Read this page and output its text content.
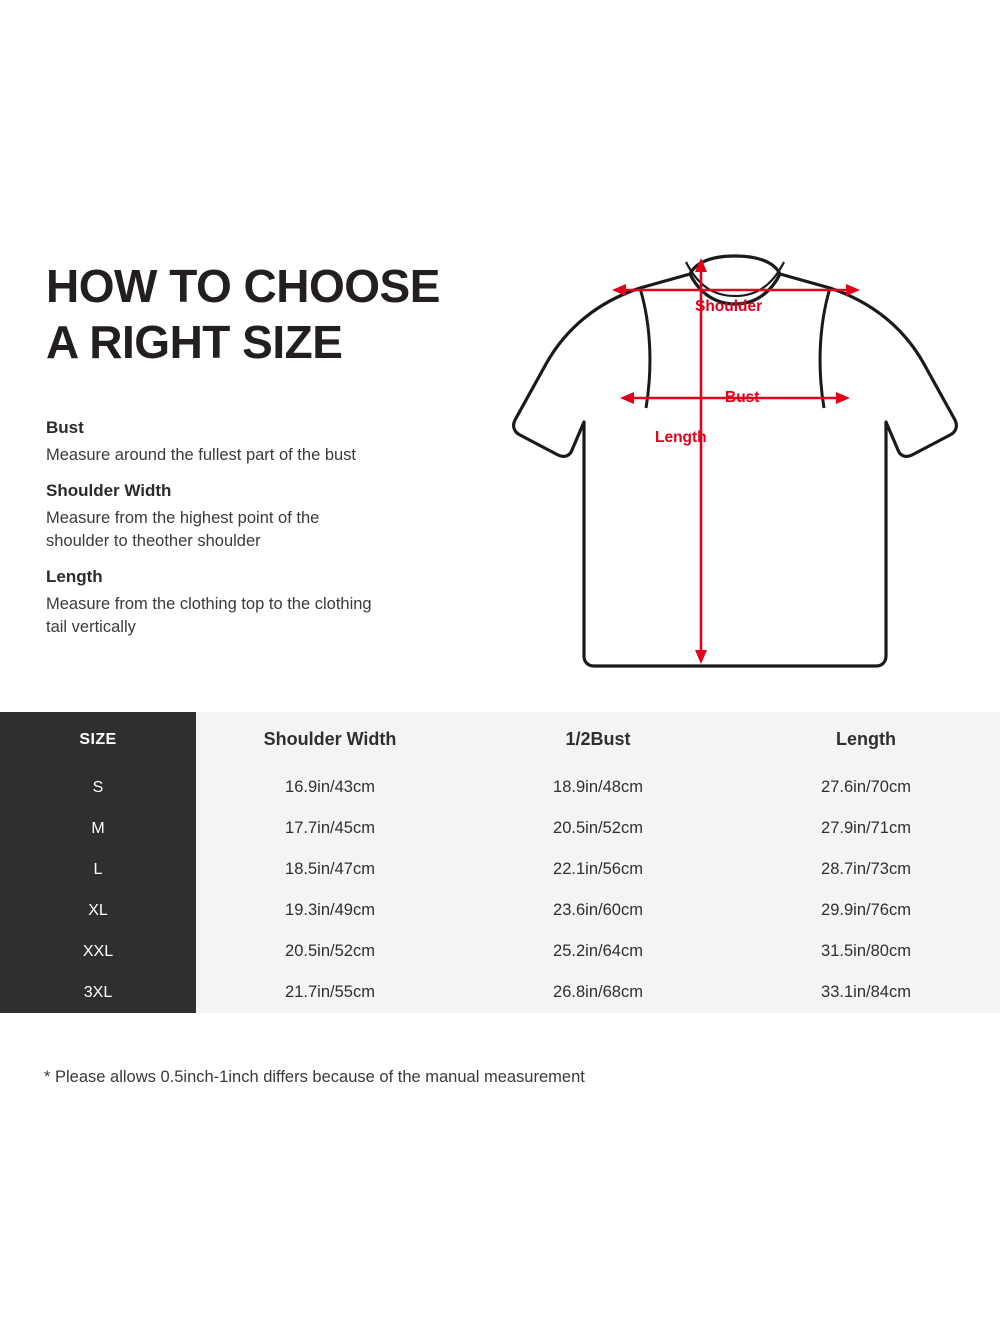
HOW TO CHOOSE
A RIGHT SIZE
Bust
Measure around the fullest part of the bust
Shoulder Width
Measure from the highest point of the shoulder to theother shoulder
Length
Measure from the clothing top to the clothing tail vertically
Shoulder
Bust
Length
SIZE	Shoulder Width	1/2Bust	Length
S	16.9in/43cm	18.9in/48cm	27.6in/70cm
M	17.7in/45cm	20.5in/52cm	27.9in/71cm
L	18.5in/47cm	22.1in/56cm	28.7in/73cm
XL	19.3in/49cm	23.6in/60cm	29.9in/76cm
XXL	20.5in/52cm	25.2in/64cm	31.5in/80cm
3XL	21.7in/55cm	26.8in/68cm	33.1in/84cm
* Please allows 0.5inch-1inch differs because of the manual measurement
